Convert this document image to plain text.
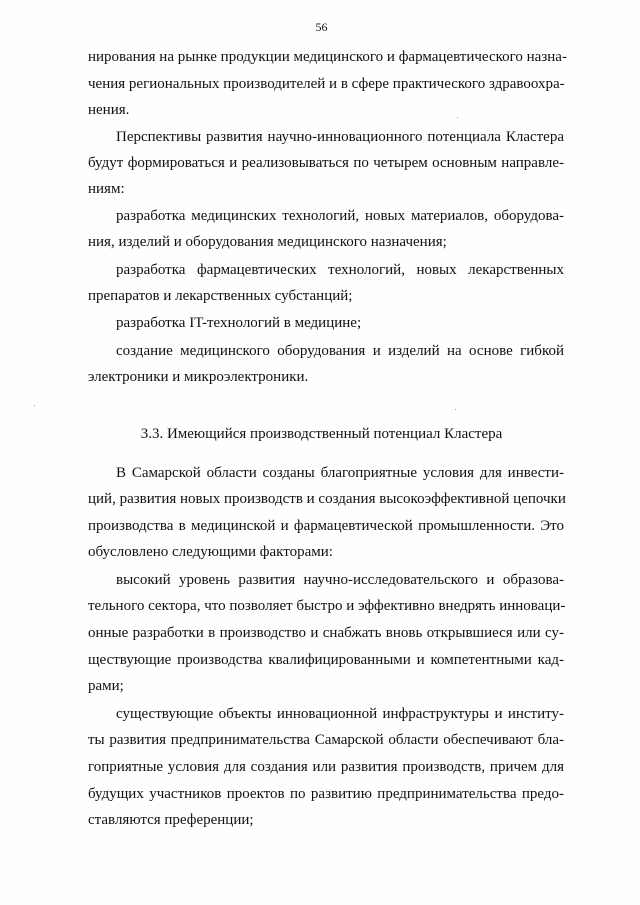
56
нирования на рынке продукции медицинского и фармацевтического назна-
чения региональных производителей и в сфере практического здравоохра-
нения.
Перспективы развития научно-инновационного потенциала Кластера
будут формироваться и реализовываться по четырем основным направле-
ниям:
разработка медицинских технологий, новых материалов, оборудова-
ния, изделий и оборудования медицинского назначения;
разработка фармацевтических технологий, новых лекарственных
препаратов и лекарственных субстанций;
разработка IT-технологий в медицине;
создание медицинского оборудования и изделий на основе гибкой
электроники и микроэлектроники.
3.3. Имеющийся производственный потенциал Кластера
В Самарской области созданы благоприятные условия для инвести-
ций, развития новых производств и создания высокоэффективной цепочки
производства в медицинской и фармацевтической промышленности. Это
обусловлено следующими факторами:
высокий уровень развития научно-исследовательского и образова-
тельного сектора, что позволяет быстро и эффективно внедрять инноваци-
онные разработки в производство и снабжать вновь открывшиеся или су-
ществующие производства квалифицированными и компетентными кад-
рами;
существующие объекты инновационной инфраструктуры и институ-
ты развития предпринимательства Самарской области обеспечивают бла-
гоприятные условия для создания или развития производств, причем для
будущих участников проектов по развитию предпринимательства предо-
ставляются преференции;
